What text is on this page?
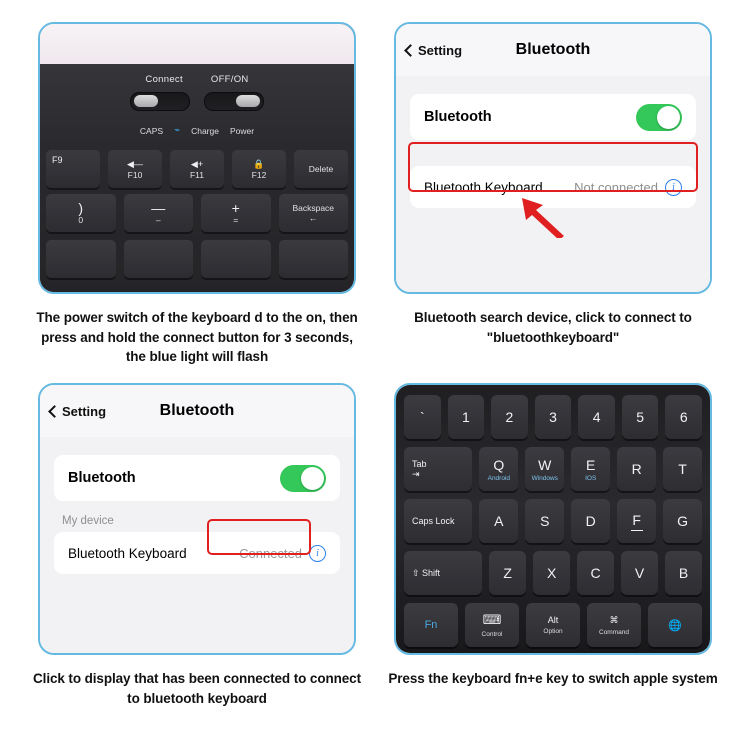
Connect	OFF/ON
CAPS ⌁ Charge Power
F9	◀—
F10
◀+
F11
🔒
F12
Delete
)
0
—
–
+
=
Backspace
←
The power switch of the keyboard d to the on, then press and hold the connect button for 3 seconds, the blue light will flash
Setting	Bluetooth
Bluetooth
Bluetooth Keyboard Not connected	i
Bluetooth search device, click to connect to "bluetoothkeyboard"
Setting	Bluetooth
Bluetooth
My device
Bluetooth Keyboard	Connected	i
Click to display that has been connected to connect to bluetooth keyboard
`	1	2	3	4	5	6
Tab
⇥
Q
Android
W
Windows
E
IOS
R	T
Caps Lock	A	S	D	F	G
⇧ Shift	Z	X C V B
Fn	⌨
Control
Alt
Option
⌘
Command
🌐
Press the keyboard fn+e key to switch apple system
